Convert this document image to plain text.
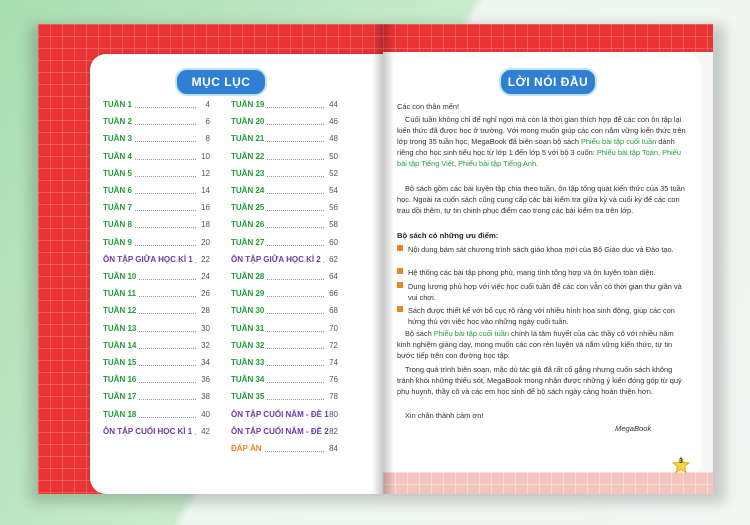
MỤC LỤC
TUẦN 1	4
TUẦN 2	6
TUẦN 3	8
TUẦN 4	10
TUẦN 5	12
TUẦN 6	14
TUẦN 7	16
TUẦN 8	18
TUẦN 9	20
ÔN TẬP GIỮA HỌC KÌ 1 22
TUẦN 10	24
TUẦN 11	26
TUẦN 12	28
TUẦN 13	30
TUẦN 14	32
TUẦN 15	34
TUẦN 16	36
TUẦN 17	38
TUẦN 18	40
ÔN TẬP CUỐI HỌC KÌ 1 42
TUẦN 19	44
TUẦN 20	46
TUẦN 21	48
TUẦN 22	50
TUẦN 23	52
TUẦN 24	54
TUẦN 25	56
TUẦN 26	58
TUẦN 27	60
ÔN TẬP GIỮA HỌC KÌ 2 62
TUẦN 28	64
TUẦN 29	66
TUẦN 30	68
TUẦN 31	70
TUẦN 32	72
TUẦN 33	74
TUẦN 34	76
TUẦN 35	78
ÔN TẬP CUỐI NĂM - ĐỀ 1 80
ÔN TẬP CUỐI NĂM - ĐỀ 2 82
ĐÁP ÁN	84
LỜI NÓI ĐẦU
Các con thân mến!
Cuối tuần không chỉ để nghỉ ngơi mà còn là thời gian thích hợp để các con ôn tập lại kiến thức đã được học ở trường. Với mong muốn giúp các con nắm vững kiến thức trên lớp trong 35 tuần học, MegaBook đã biên soạn bộ sách Phiếu bài tập cuối tuần dành riêng cho học sinh tiểu học từ lớp 1 đến lớp 5 với bộ 3 cuốn: Phiếu bài tập Toán, Phiếu bài tập Tiếng Việt, Phiếu bài tập Tiếng Anh.
Bộ sách gồm các bài luyện tập chia theo tuần, ôn tập tổng quát kiến thức của 35 tuần học. Ngoài ra cuốn sách cũng cung cấp các bài kiểm tra giữa kỳ và cuối kỳ để các con trau dồi thêm, tự tin chinh phục điểm cao trong các bài kiểm tra trên lớp.
Bộ sách có những ưu điểm:
Nội dung bám sát chương trình sách giáo khoa mới của Bộ Giáo dục và Đào tạo.
Hệ thống các bài tập phong phú, mang tính tổng hợp và ôn luyện toàn diện.
Dung lượng phù hợp với việc học cuối tuần để các con vẫn có thời gian thư giãn và vui chơi.
Sách được thiết kế với bố cục rõ ràng với nhiều hình họa sinh động, giúp các con hứng thú với việc học vào những ngày cuối tuần.
Bộ sách Phiếu bài tập cuối tuần chính là tâm huyết của các thầy cô với nhiều năm kinh nghiệm giảng dạy, mong muốn các con rèn luyện và nắm vững kiến thức, tự tin bước tiếp trên con đường học tập.
Trong quá trình biên soạn, mặc dù tác giả đã rất cố gắng nhưng cuốn sách không tránh khỏi những thiếu sót, MegaBook mong nhận được những ý kiến đóng góp từ quý phụ huynh, thầy cô và các em học sinh để bộ sách ngày càng hoàn thiện hơn.
Xin chân thành cảm ơn!
MegaBook
3
